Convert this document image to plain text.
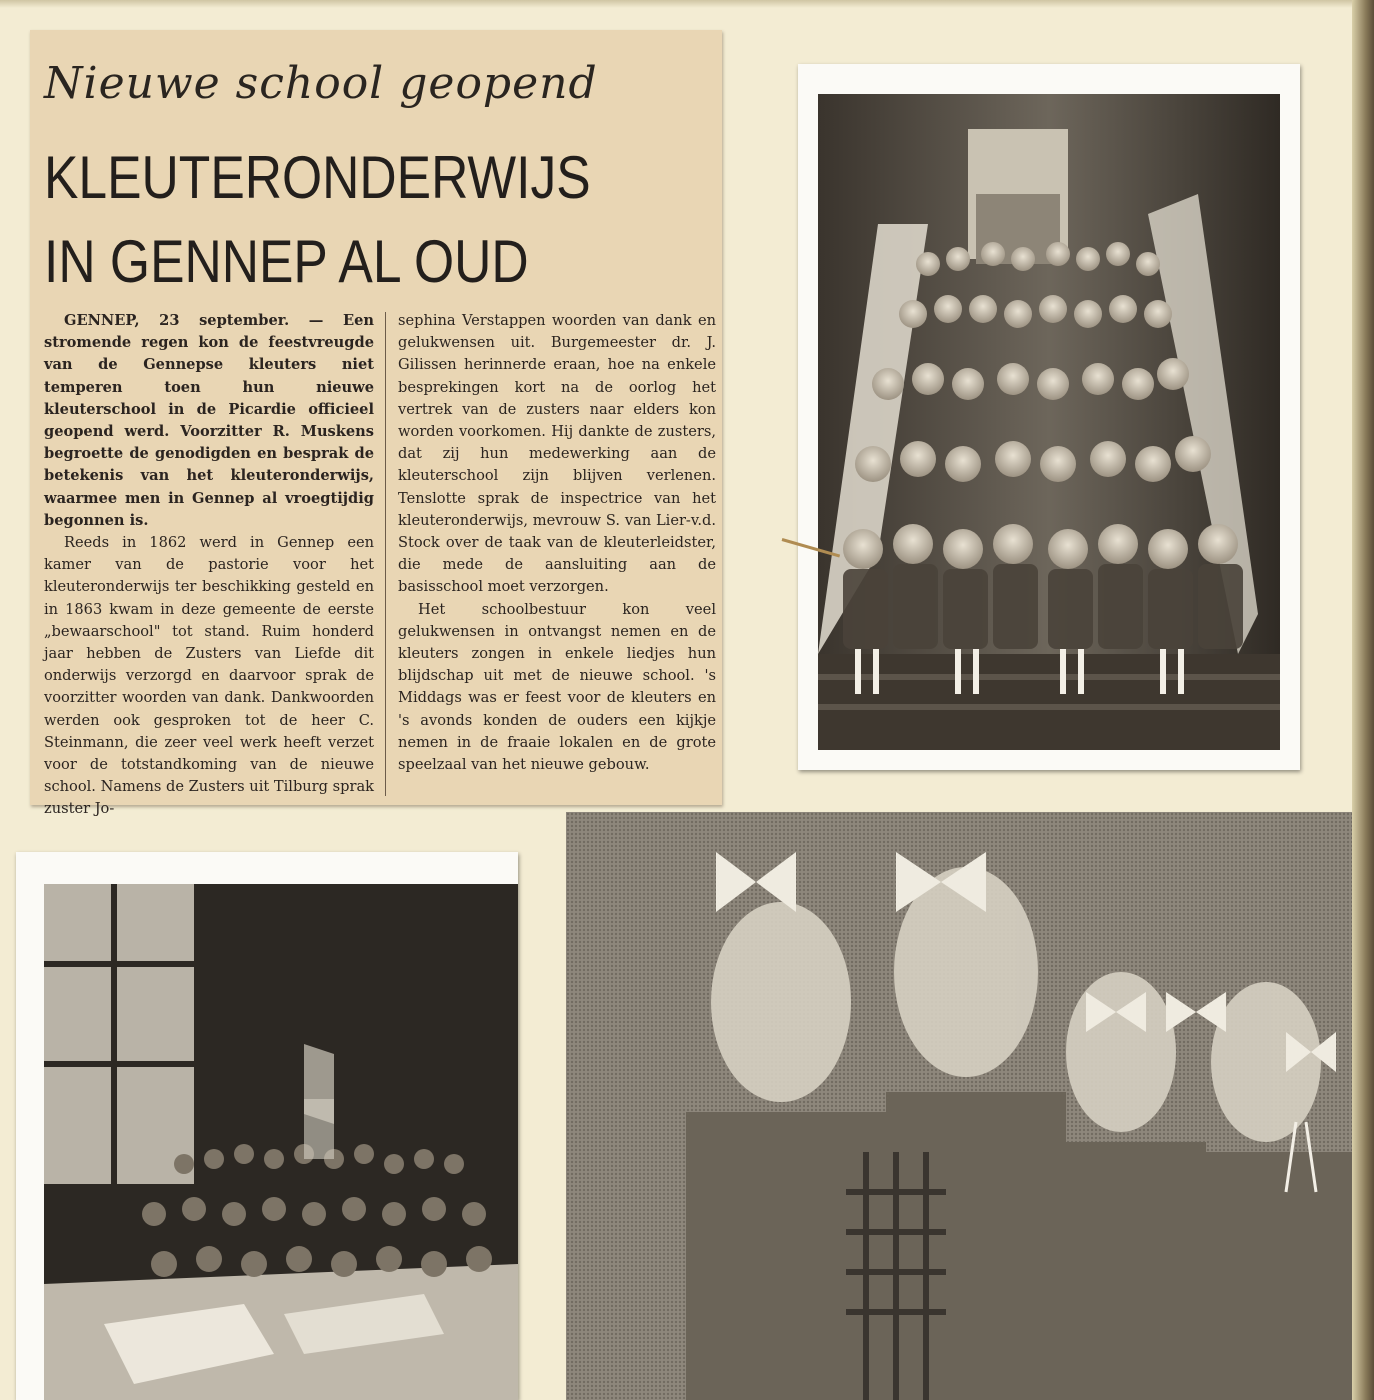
Nieuwe school geopend
KLEUTERONDERWIJS
IN GENNEP AL OUD

GENNEP, 23 september. — Een stromende regen kon de feestvreugde van de Gennepse kleuters niet temperen toen hun nieuwe kleuterschool in de Picardie officieel geopend werd. Voorzitter R. Muskens begroette de genodigden en besprak de betekenis van het kleuteronderwijs, waarmee men in Gennep al vroegtijdig begonnen is.

Reeds in 1862 werd in Gennep een kamer van de pastorie voor het kleuteronderwijs ter beschikking gesteld en in 1863 kwam in deze gemeente de eerste „bewaarschool" tot stand. Ruim honderd jaar hebben de Zusters van Liefde dit onderwijs verzorgd en daarvoor sprak de voorzitter woorden van dank. Dankwoorden werden ook gesproken tot de heer C. Steinmann, die zeer veel werk heeft verzet voor de totstandkoming van de nieuwe school. Namens de Zusters uit Tilburg sprak zuster Jo-

sephina Verstappen woorden van dank en gelukwensen uit. Burgemeester dr. J. Gilissen herinnerde eraan, hoe na enkele besprekingen kort na de oorlog het vertrek van de zusters naar elders kon worden voorkomen. Hij dankte de zusters, dat zij hun medewerking aan de kleuterschool zijn blijven verlenen. Tenslotte sprak de inspectrice van het kleuteronderwijs, mevrouw S. van Lier-v.d. Stock over de taak van de kleuterleidster, die mede de aansluiting aan de basisschool moet verzorgen.

Het schoolbestuur kon veel gelukwensen in ontvangst nemen en de kleuters zongen in enkele liedjes hun blijdschap uit met de nieuwe school. 's Middags was er feest voor de kleuters en 's avonds konden de ouders een kijkje nemen in de fraaie lokalen en de grote speelzaal van het nieuwe gebouw.
